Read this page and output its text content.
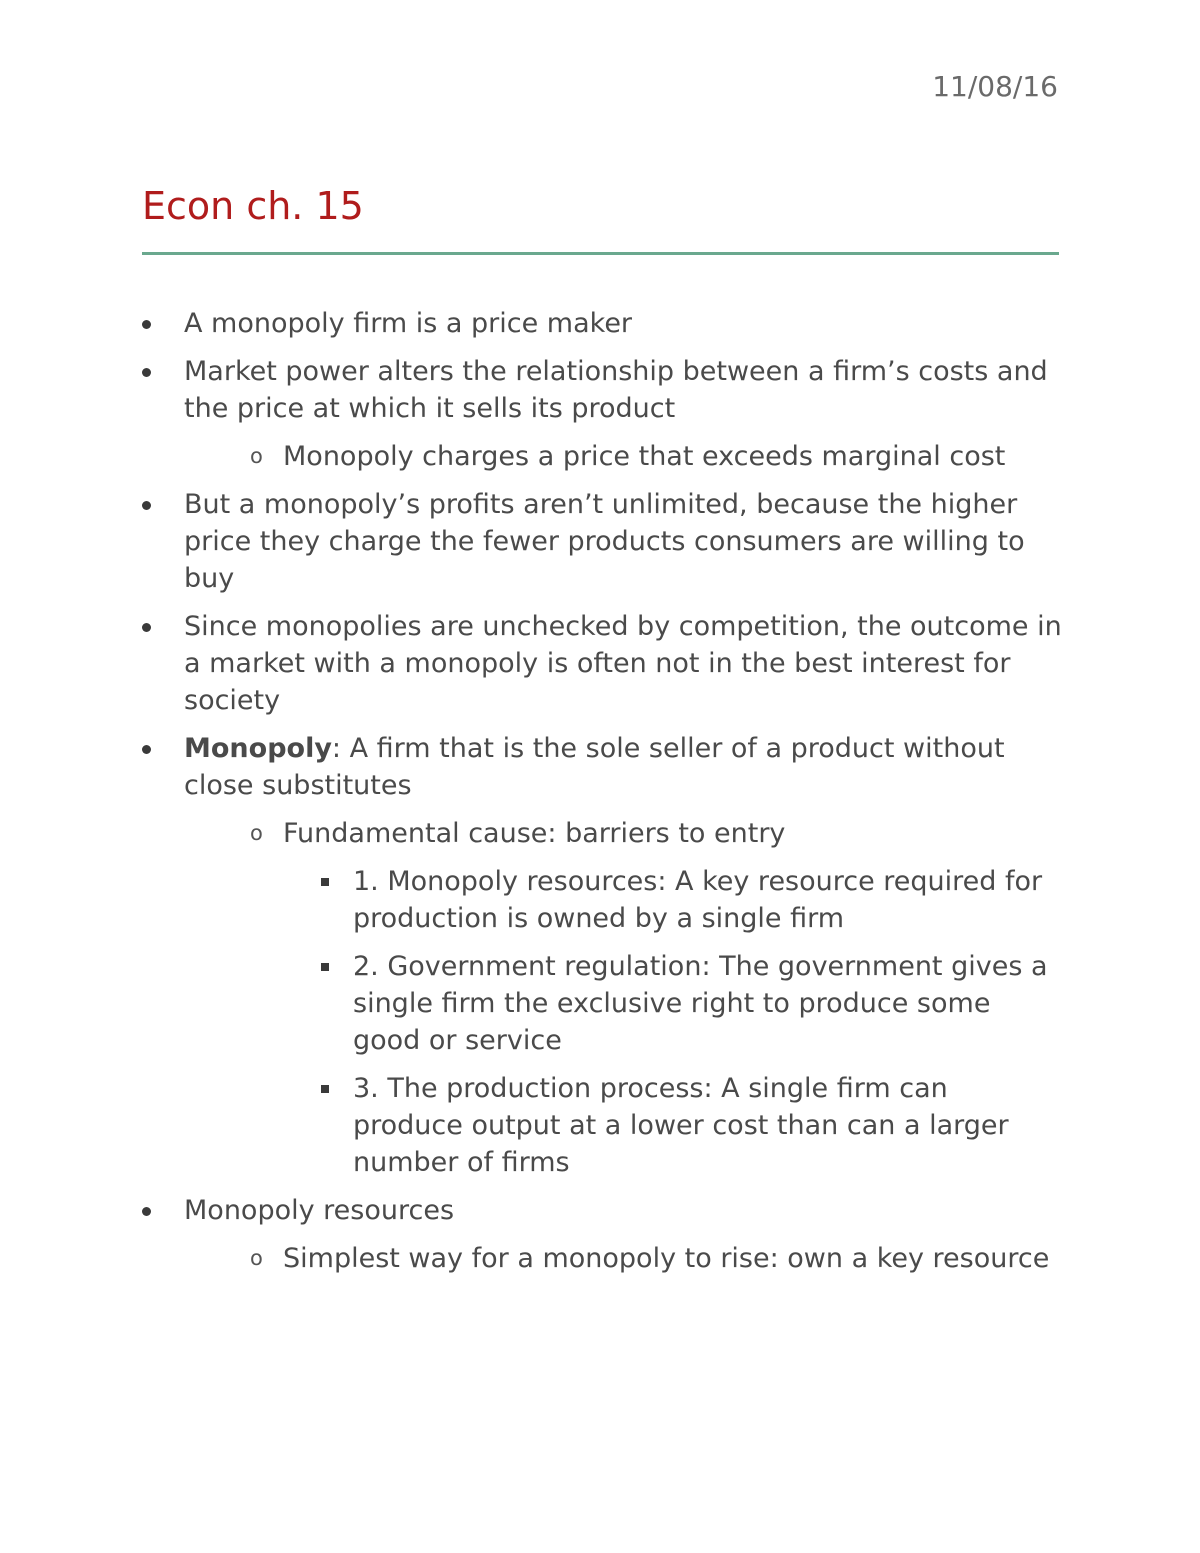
11/08/16
Econ ch. 15
A monopoly firm is a price maker
Market power alters the relationship between a firm’s costs and the price at which it sells its product
o Monopoly charges a price that exceeds marginal cost
But a monopoly’s profits aren’t unlimited, because the higher price they charge the fewer products consumers are willing to buy
Since monopolies are unchecked by competition, the outcome in a market with a monopoly is often not in the best interest for society
Monopoly: A firm that is the sole seller of a product without close substitutes
o Fundamental cause: barriers to entry
1. Monopoly resources: A key resource required for production is owned by a single firm
2. Government regulation: The government gives a single firm the exclusive right to produce some good or service
3. The production process: A single firm can produce output at a lower cost than can a larger number of firms
Monopoly resources
o Simplest way for a monopoly to rise: own a key resource
